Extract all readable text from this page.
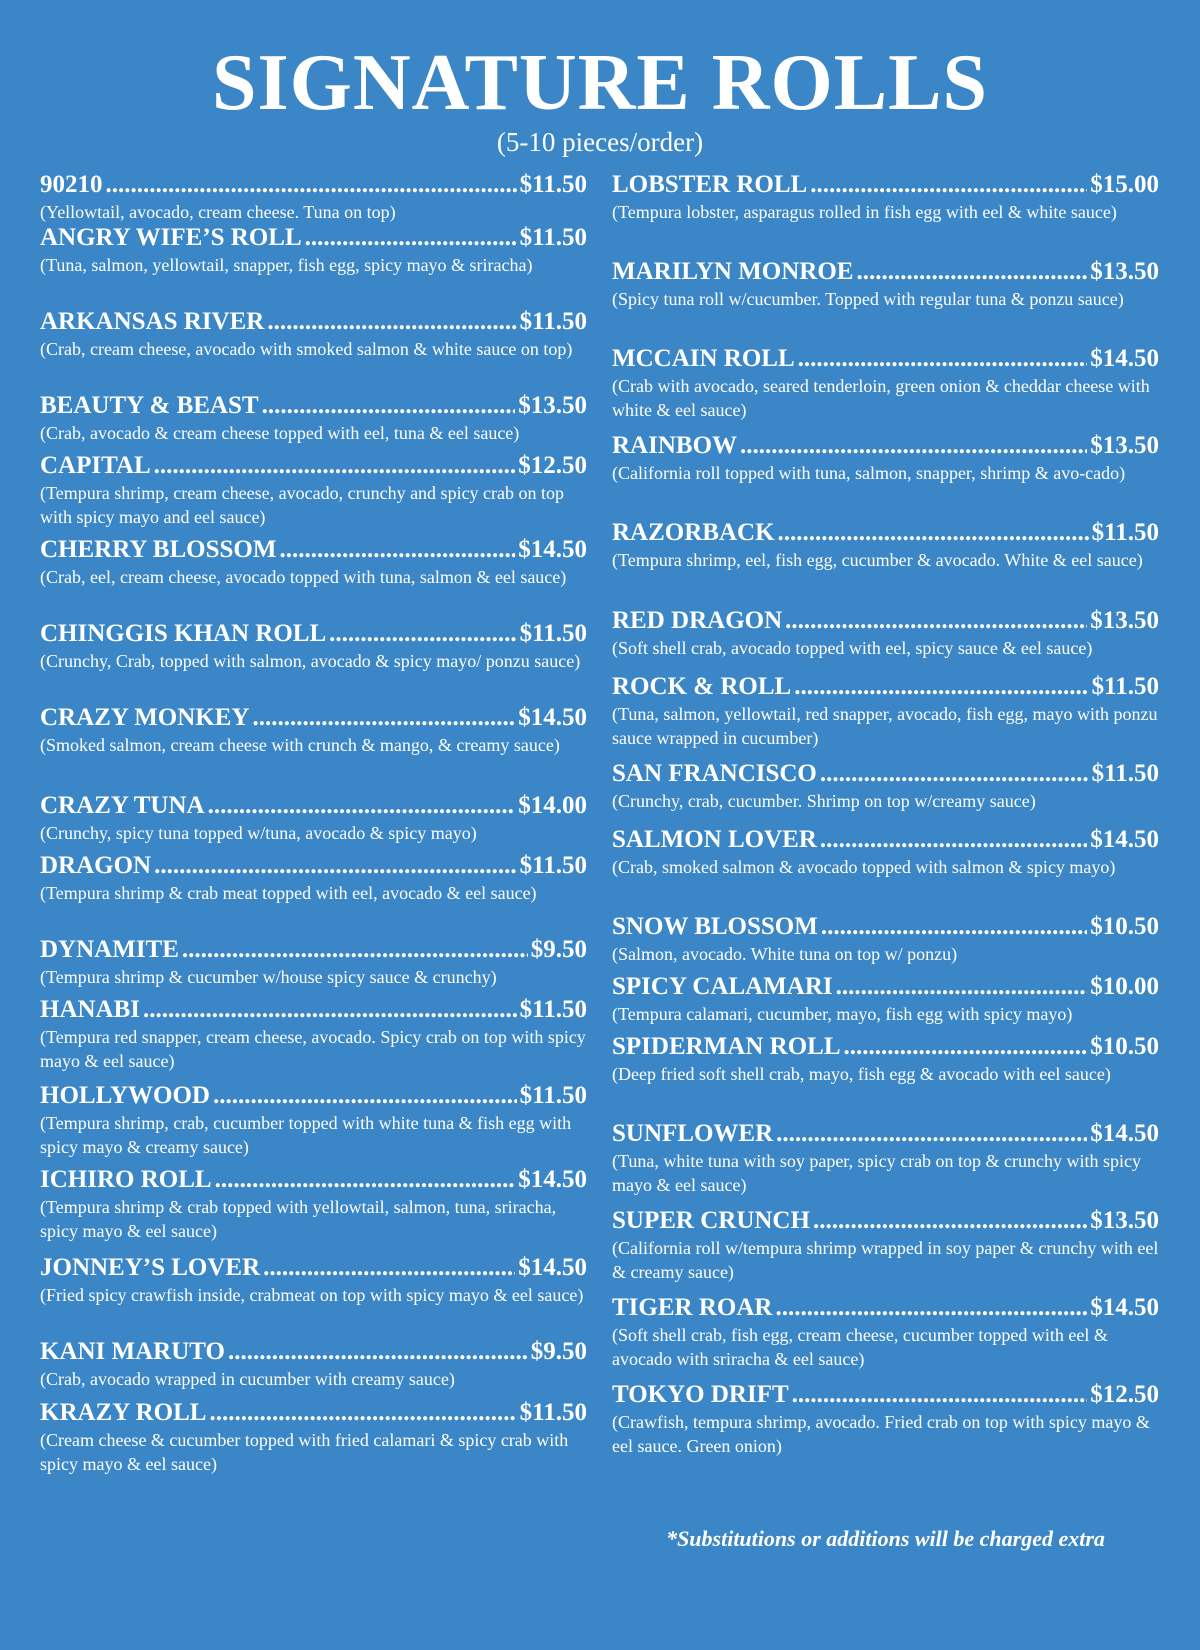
SIGNATURE ROLLS

(5-10 pieces/order)

90210 .....	$11.50

(Yellowtail, avocado, cream cheese. Tuna on top)

ANGRY WIFE’S ROLL .....	$11.50

(Tuna, salmon, yellowtail, snapper, fish egg, spicy mayo & sriracha)

ARKANSAS RIVER .....	$11.50

(Crab, cream cheese, avocado with smoked salmon & white sauce on top)

BEAUTY & BEAST .....	$13.50

(Crab, avocado & cream cheese topped with eel, tuna & eel sauce)

CAPITAL .....	$12.50

(Tempura shrimp, cream cheese, avocado, crunchy and spicy crab on top with spicy mayo and eel sauce)

CHERRY BLOSSOM .....	$14.50

(Crab, eel, cream cheese, avocado topped with tuna, salmon & eel sauce)

CHINGGIS KHAN ROLL .....	$11.50

(Crunchy, Crab, topped with salmon, avocado & spicy mayo/ ponzu sauce)

CRAZY MONKEY .....	$14.50

(Smoked salmon, cream cheese with crunch & mango, & creamy sauce)

CRAZY TUNA .....	$14.00

(Crunchy, spicy tuna topped w/tuna, avocado & spicy mayo)

DRAGON .....	$11.50

(Tempura shrimp & crab meat topped with eel, avocado & eel sauce)

DYNAMITE .....	$9.50

(Tempura shrimp & cucumber w/house spicy sauce & crunchy)

HANABI .....	$11.50

(Tempura red snapper, cream cheese, avocado. Spicy crab on top with spicy mayo & eel sauce)

HOLLYWOOD .....	$11.50

(Tempura shrimp, crab, cucumber topped with white tuna & fish egg with spicy mayo & creamy sauce)

ICHIRO ROLL .....	$14.50

(Tempura shrimp & crab topped with yellowtail, salmon, tuna, sriracha, spicy mayo & eel sauce)

JONNEY’S LOVER .....	$14.50

(Fried spicy crawfish inside, crabmeat on top with spicy mayo & eel sauce)

KANI MARUTO .....	$9.50

(Crab, avocado wrapped in cucumber with creamy sauce)

KRAZY ROLL .....	$11.50

(Cream cheese & cucumber topped with fried calamari & spicy crab with spicy mayo & eel sauce)

LOBSTER ROLL .....	$15.00

(Tempura lobster, asparagus rolled in fish egg with eel & white sauce)

MARILYN MONROE .....	$13.50

(Spicy tuna roll w/cucumber. Topped with regular tuna & ponzu sauce)

MCCAIN ROLL .....	$14.50

(Crab with avocado, seared tenderloin, green onion & cheddar cheese with white & eel sauce)

RAINBOW .....	$13.50

(California roll topped with tuna, salmon, snapper, shrimp & avo-cado)

RAZORBACK .....	$11.50

(Tempura shrimp, eel, fish egg, cucumber & avocado. White & eel sauce)

RED DRAGON .....	$13.50

(Soft shell crab, avocado topped with eel, spicy sauce & eel sauce)

ROCK & ROLL .....	$11.50

(Tuna, salmon, yellowtail, red snapper, avocado, fish egg, mayo with ponzu sauce wrapped in cucumber)

SAN FRANCISCO .....	$11.50

(Crunchy, crab, cucumber. Shrimp on top w/creamy sauce)

SALMON LOVER .....	$14.50

(Crab, smoked salmon & avocado topped with salmon & spicy mayo)

SNOW BLOSSOM .....	$10.50

(Salmon, avocado. White tuna on top w/ ponzu)

SPICY CALAMARI .....	$10.00

(Tempura calamari, cucumber, mayo, fish egg with spicy mayo)

SPIDERMAN ROLL .....	$10.50

(Deep fried soft shell crab, mayo, fish egg & avocado with eel sauce)

SUNFLOWER .....	$14.50

(Tuna, white tuna with soy paper, spicy crab on top & crunchy with spicy mayo & eel sauce)

SUPER CRUNCH .....	$13.50

(California roll w/tempura shrimp wrapped in soy paper & crunchy with eel & creamy sauce)

TIGER ROAR .....	$14.50

(Soft shell crab, fish egg, cream cheese, cucumber topped with eel & avocado with sriracha & eel sauce)

TOKYO DRIFT .....	$12.50

(Crawfish, tempura shrimp, avocado. Fried crab on top with spicy mayo & eel sauce. Green onion)

*Substitutions or additions will be charged extra
